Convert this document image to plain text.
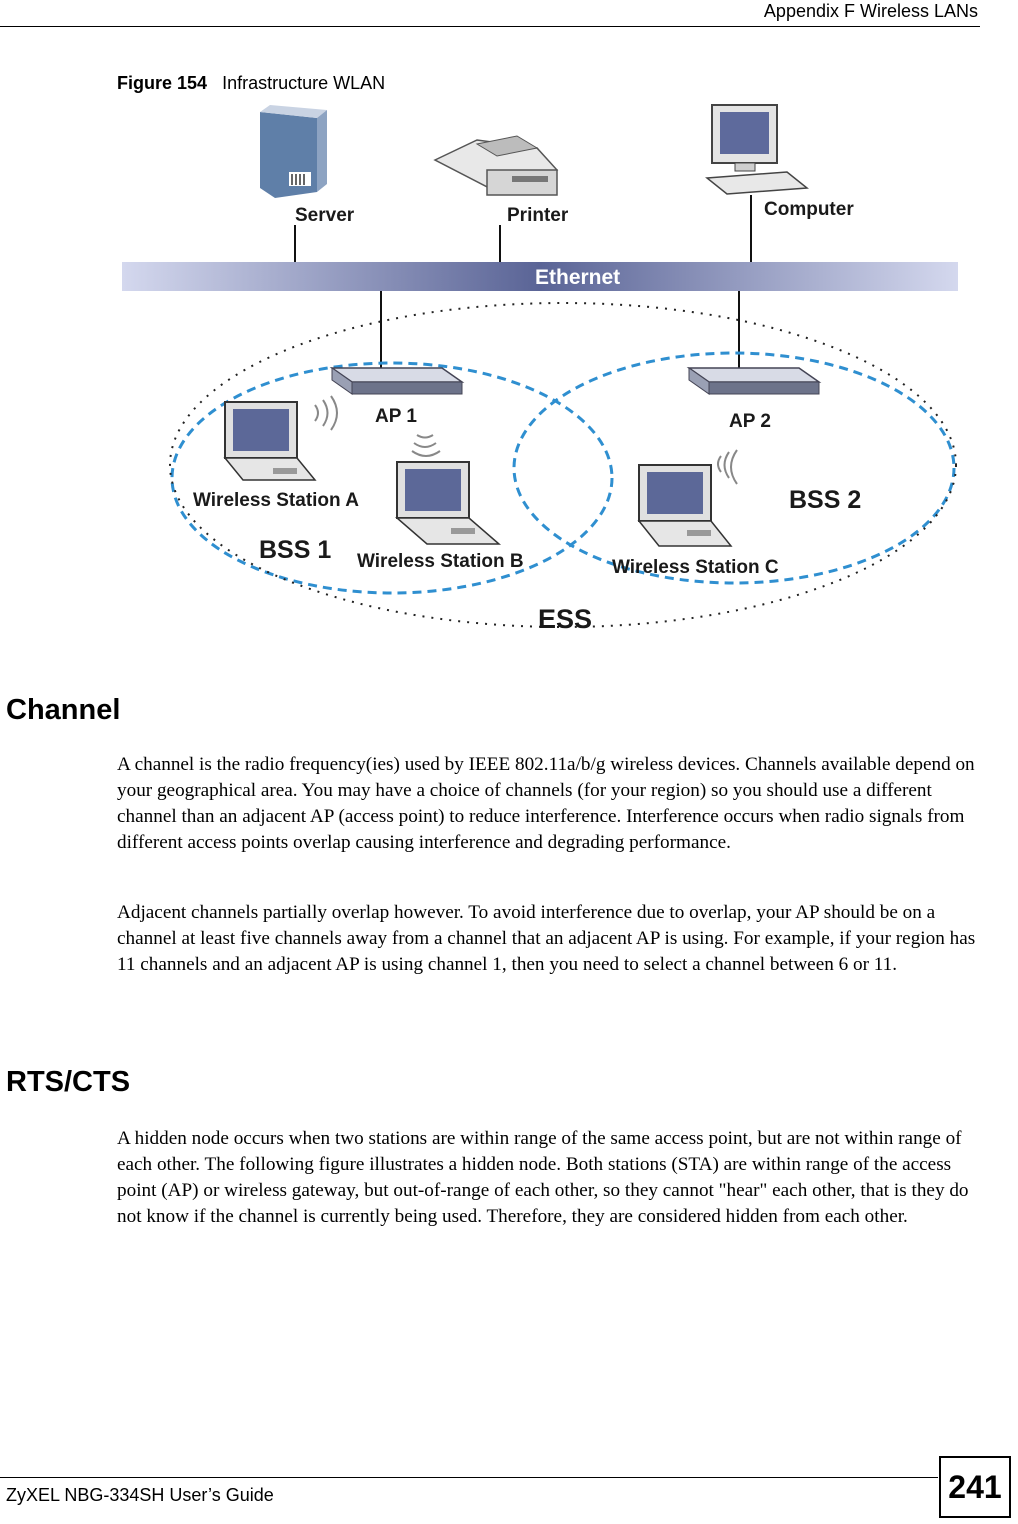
Appendix F Wireless LANs
Figure 154 Infrastructure WLAN
Ethernet
Server	Printer	Computer
AP 1	AP 2
Wireless Station A
Wireless Station B	Wireless Station C
BSS 1
BSS 2
ESS
Channel

A channel is the radio frequency(ies) used by IEEE 802.11a/b/g wireless devices. Channels available depend on your geographical area. You may have a choice of channels (for your region) so you should use a different channel than an adjacent AP (access point) to reduce interference. Interference occurs when radio signals from different access points overlap causing interference and degrading performance.

Adjacent channels partially overlap however. To avoid interference due to overlap, your AP should be on a channel at least five channels away from a channel that an adjacent AP is using. For example, if your region has 11 channels and an adjacent AP is using channel 1, then you need to select a channel between 6 or 11.

RTS/CTS

A hidden node occurs when two stations are within range of the same access point, but are not within range of each other. The following figure illustrates a hidden node. Both stations (STA) are within range of the access point (AP) or wireless gateway, but out-of-range of each other, so they cannot "hear" each other, that is they do not know if the channel is currently being used. Therefore, they are considered hidden from each other.

ZyXEL NBG-334SH User’s Guide	241
